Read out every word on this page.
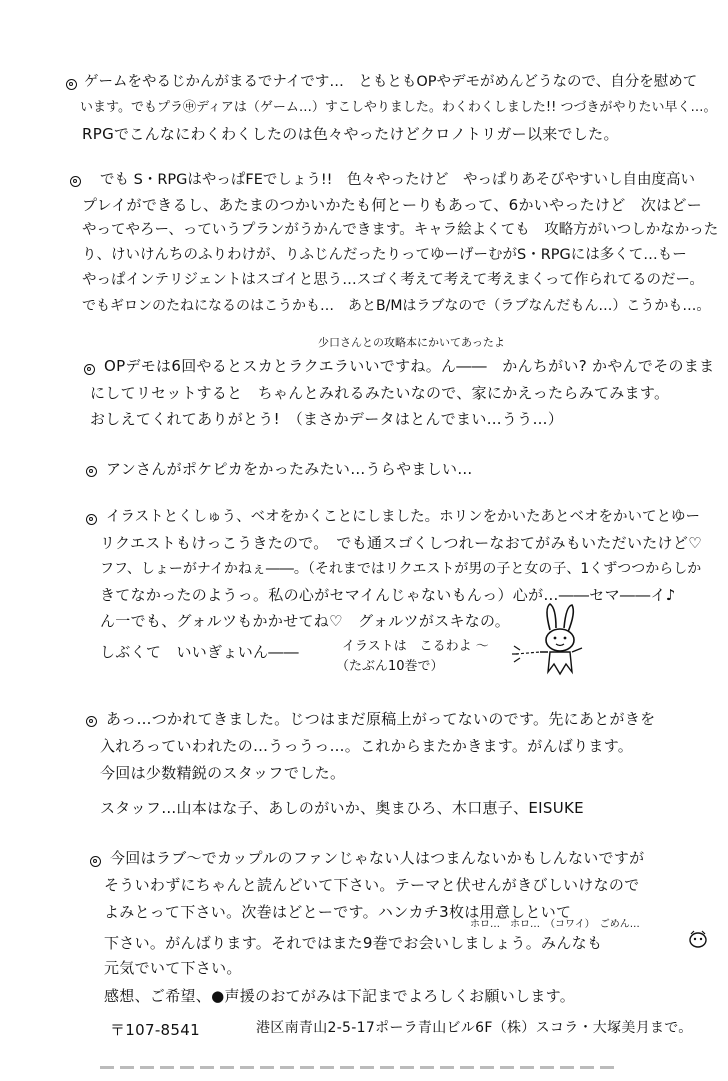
ゲームをやるじかんがまるでナイです…　ともともOPやデモがめんどうなので、自分を慰めて
います。でもプラ㊥ディアは（ゲーム…）すこしやりました。わくわくしました!! つづきがやりたい早く…。
RPGでこんなにわくわくしたのは色々やったけどクロノトリガー以来でした。
でも S・RPGはやっぱFEでしょう!!　色々やったけど　やっぱりあそびやすいし自由度高い
プレイができるし、あたまのつかいかたも何とーりもあって、6かいやったけど　次はどー
やってやろー、っていうプランがうかんできます。キャラ絵よくても　攻略方がいつしかなかった
り、けいけんちのふりわけが、りふじんだったりってゆーげーむがS・RPGには多くて…もー
やっぱインテリジェントはスゴイと思う…スゴく考えて考えて考えまくって作られてるのだー。
でもギロンのたねになるのはこうかも…　あとB/Mはラブなので（ラブなんだもん…）こうかも…。
少口さんとの攻略本にかいてあったよ
OPデモは6回やるとスカとラクエラいいですね。ん――　かんちがい? かやんでそのまま
にしてリセットすると　ちゃんとみれるみたいなので、家にかえったらみてみます。
おしえてくれてありがとう!　（まさかデータはとんでまい…うう…）
アンさんがポケピカをかったみたい…うらやましい…
イラストとくしゅう、ベオをかくことにしました。ホリンをかいたあとベオをかいてとゆー
リクエストもけっこうきたので。　でも通スゴくしつれーなおてがみもいただいたけど♡
フフ、しょーがナイかねぇ――。（それまではリクエストが男の子と女の子、1くずつつからしか
きてなかったのようっ。私の心がセマイんじゃないもんっ）心が…――セマ――イ♪
ん一でも、グォルツもかかせてね♡　グォルツがスキなの。
しぶくて　いいぎょいん――	イラストは　こるわよ ～
（たぶん10巻で）
あっ…つかれてきました。じつはまだ原稿上がってないのです。先にあとがきを
入れろっていわれたの…うっうっ…。これからまたかきます。がんばります。
今回は少数精鋭のスタッフでした。
スタッフ…山本はな子、あしのがいか、奥まひろ、木口恵子、EISUKE
今回はラブ～でカップルのファンじゃない人はつまんないかもしんないですが
そういわずにちゃんと読んどいて下さい。テーマと伏せんがきびしいけなので
よみとって下さい。次巻はどとーです。ハンカチ3枚は用意しといて
ホロ…　ホロ…　（コワイ）　ごめん…
下さい。がんばります。それではまた9巻でお会いしましょう。みんなも
元気でいて下さい。
感想、ご希望、●声援のおてがみは下記までよろしくお願いします。
〒107-8541	港区南青山2-5-17ポーラ青山ビル6F（株）スコラ・大塚美月まで。
